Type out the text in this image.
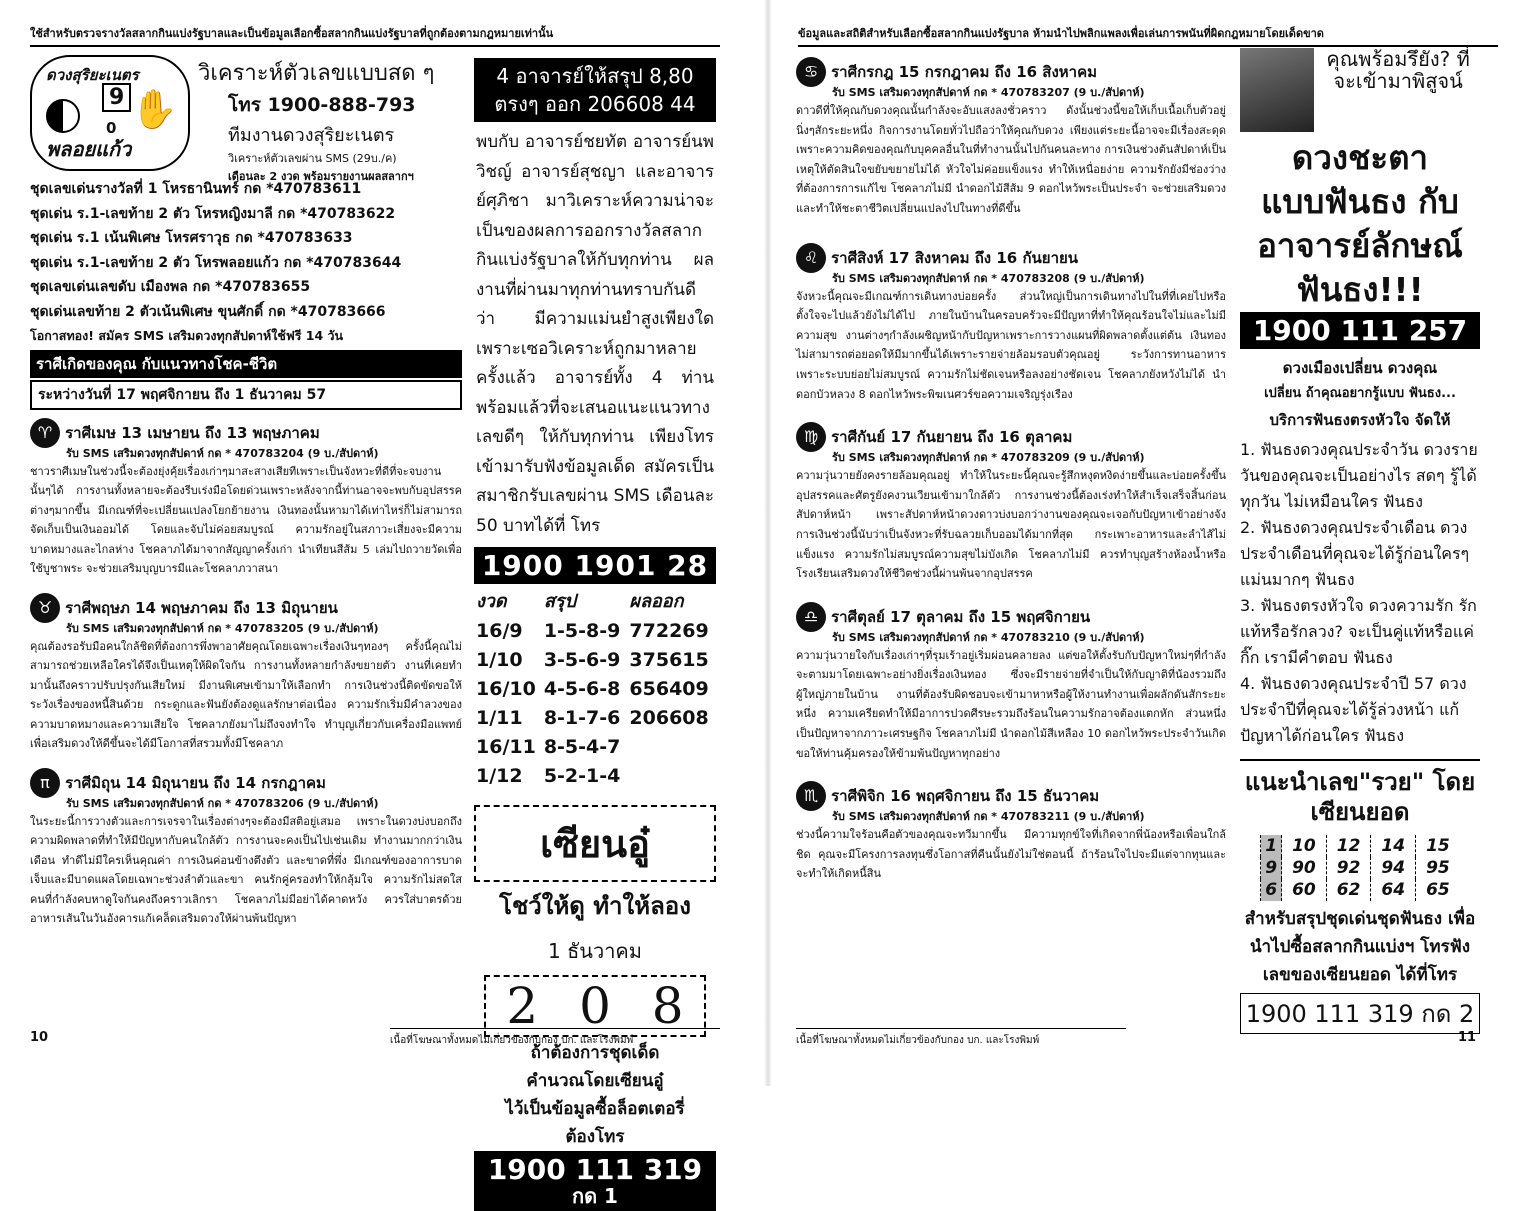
ใช้สำหรับตรวจรางวัลสลากกินแบ่งรัฐบาลและเป็นข้อมูลเลือกซื้อสลากกินแบ่งรัฐบาลที่ถูกต้องตามกฎหมายเท่านั้น
ดวงสุริยะเนตร
9
0 ✋
พลอยแก้ว
วิเคราะห์ตัวเลขแบบสด ๆ
โทร 1900-888-793
ทีมงานดวงสุริยะเนตร
วิเคราะห์ตัวเลขผ่าน SMS (29บ./ค)
เดือนละ 2 งวด พร้อมรายงานผลสลากฯ
ชุดเลขเด่นรางวัลที่ 1 โหรธานินทร์ กด *470783611
ชุดเด่น ร.1-เลขท้าย 2 ตัว โหรหญิงมาลี กด *470783622
ชุดเด่น ร.1 เน้นพิเศษ โหรศราวุธ กด *470783633
ชุดเด่น ร.1-เลขท้าย 2 ตัว โหรพลอยแก้ว กด *470783644
ชุดเลขเด่นเลขดับ เมืองพล กด *470783655
ชุดเด่นเลขท้าย 2 ตัวเน้นพิเศษ ขุนศักดิ์ กด *470783666
โอกาสทอง! สมัคร SMS เสริมดวงทุกสัปดาห์ใช้ฟรี 14 วัน
ราศีเกิดของคุณ กับแนวทางโชค-ชีวิต
ระหว่างวันที่ 17 พฤศจิกายน ถึง 1 ธันวาคม 57
♈ ราศีเมษ 13 เมษายน ถึง 13 พฤษภาคม
รับ SMS เสริมดวงทุกสัปดาห์ กด * 470783204 (9 บ./สัปดาห์)
ชาวราศีเมษในช่วงนี้จะต้องยุ่งคุ้ยเรื่องเก่าๆมาสะสางเสียทีเพราะเป็นจังหวะที่ดีที่จะจบงานนั้นๆได้ การงานทั้งหลายจะต้องรีบเร่งมือโดยด่วนเพราะหลังจากนี้ท่านอาจจะพบกับอุปสรรคต่างๆมากขึ้น มีเกณฑ์ที่จะเปลี่ยนแปลงโยกย้ายงาน เงินทองนั้นหามาได้เท่าไหร่ก็ไม่สามารถจัดเก็บเป็นเงินออมได้ โดยและจับไม่ค่อยสมบูรณ์ ความรักอยู่ในสภาวะเสี่ยงจะมีความบาดหมางและไกลห่าง โชคลาภได้มาจากสัญญาครั้งเก่า นำเทียนสีส้ม 5 เล่มไปถวายวัดเพื่อใช้บูชาพระ จะช่วยเสริมบุญบารมีและโชคลาภวาสนา
♉ ราศีพฤษภ 14 พฤษภาคม ถึง 13 มิถุนายน
รับ SMS เสริมดวงทุกสัปดาห์ กด * 470783205 (9 บ./สัปดาห์)
คุณต้องรอรับมือคนใกล้ชิดที่ต้องการพึ่งพาอาศัยคุณโดยเฉพาะเรื่องเงินๆทองๆ ครั้งนี้คุณไม่สามารถช่วยเหลือใครได้จึงเป็นเหตุให้ผิดใจกัน การงานทั้งหลายกำลังขยายตัว งานที่เคยทำมานั้นถึงคราวปรับปรุงกันเสียใหม่ มีงานพิเศษเข้ามาให้เลือกทำ การเงินช่วงนี้ติดขัดขอให้ระวังเรื่องของหนี้สินด้วย กระดูกและฟันยังต้องดูแลรักษาต่อเนื่อง ความรักเริ่มมีคำลวงของความบาดหมางและความเสียใจ โชคลาภยังมาไม่ถึงจงทำใจ ทำบุญเกี่ยวกับเครื่องมือแพทย์เพื่อเสริมดวงให้ดีขึ้นจะได้มีโอกาสที่สรวมทั้งมีโชคลาภ
π ราศีมิถุน 14 มิถุนายน ถึง 14 กรกฎาคม
รับ SMS เสริมดวงทุกสัปดาห์ กด * 470783206 (9 บ./สัปดาห์)
ในระยะนี้การวางตัวและการเจรจาในเรื่องต่างๆจะต้องมีสติอยู่เสมอ เพราะในดวงบ่งบอกถึงความผิดพลาดที่ทำให้มีปัญหากับคนใกล้ตัว การงานจะคงเป็นไปเช่นเดิม ทำงานมากกว่าเงินเดือน ทำดีไม่มีใครเห็นคุณค่า การเงินค่อนข้างตึงตัว และขาดที่พึ่ง มีเกณฑ์ของอาการบาดเจ็บและมีบาดแผลโดยเฉพาะช่วงลำตัวและขา คนรักคู่ครองทำให้กลุ้มใจ ความรักไม่สดใส คนที่กำลังคบหาดูใจกันคงถึงคราวเลิกรา โชคลาภไม่มีอย่าได้คาดหวัง ควรใส่บาตรด้วยอาหารเส้นในวันอังคารแก้เคล็ดเสริมดวงให้ผ่านพ้นปัญหา
4 อาจารย์ให้สรุป 8,80 ตรงๆ ออก 206608 44
พบกับ อาจารย์ชยทัต อาจารย์นพวิชญ์ อาจารย์สุชญา และอาจารย์ศุภิชา มาวิเคราะห์ความน่าจะเป็นของผลการออกรางวัลสลากกินแบ่งรัฐบาลให้กับทุกท่าน ผลงานที่ผ่านมาทุกท่านทราบกันดีว่า มีความแม่นยำสูงเพียงใด เพราะเซอวิเคราะห์ถูกมาหลายครั้งแล้ว อาจารย์ทั้ง 4 ท่านพร้อมแล้วที่จะเสนอแนะแนวทางเลขดีๆ ให้กับทุกท่าน เพียงโทรเข้ามารับฟังข้อมูลเด็ด สมัครเป็นสมาชิกรับเลขผ่าน SMS เดือนละ 50 บาทได้ที่ โทร
1900 1901 28
งวด	สรุป	ผลออก
16/9	1-5-8-9	772269
1/10	3-5-6-9	375615
16/10	4-5-6-8	656409
1/11	8-1-7-6	206608
16/11	8-5-4-7	
1/12	5-2-1-4	
เซียนอู๋
โชว์ให้ดู ทำให้ลอง
1 ธันวาคม
2 0 8
ถ้าต้องการชุดเด็ด
คำนวณโดยเซียนอู๋
ไว้เป็นข้อมูลซื้อล็อตเตอรี่
ต้องโทร
1900 111 319
กด 1
เนื้อที่โฆษณาทั้งหมดไม่เกี่ยวข้องกับกอง บก. และโรงพิมพ์
10
ข้อมูลและสถิติสำหรับเลือกซื้อสลากกินแบ่งรัฐบาล ห้ามนำไปพลิกแพลงเพื่อเล่นการพนันที่ผิดกฎหมายโดยเด็ดขาด
♋ ราศีกรกฎ 15 กรกฎาคม ถึง 16 สิงหาคม
รับ SMS เสริมดวงทุกสัปดาห์ กด * 470783207 (9 บ./สัปดาห์)
ดาวดีที่ให้คุณกับดวงคุณนั้นกำลังจะอับแสงลงชั่วคราว ดังนั้นช่วงนี้ขอให้เก็บเนื้อเก็บตัวอยู่นิ่งๆสักระยะหนึ่ง กิจการงานโดยทั่วไปถือว่าให้คุณกับดวง เพียงแต่ระยะนี้อาจจะมีเรื่องสะดุดเพราะความคิดของคุณกับบุคคลอื่นในที่ทำงานนั้นไปกันคนละทาง การเงินช่วงต้นสัปดาห์เป็นเหตุให้ตัดสินใจขยับขยายไม่ได้ หัวใจไม่ค่อยแข็งแรง ทำให้เหนื่อยง่าย ความรักยังมีช่องว่างที่ต้องการการแก้ไข โชคลาภไม่มี นำดอกไม้สีส้ม 9 ดอกไหว้พระเป็นประจำ จะช่วยเสริมดวงและทำให้ชะตาชีวิตเปลี่ยนแปลงไปในทางที่ดีขึ้น
♌ ราศีสิงห์ 17 สิงหาคม ถึง 16 กันยายน
รับ SMS เสริมดวงทุกสัปดาห์ กด * 470783208 (9 บ./สัปดาห์)
จังหวะนี้คุณจะมีเกณฑ์การเดินทางบ่อยครั้ง ส่วนใหญ่เป็นการเดินทางไปในที่ที่เคยไปหรือตั้งใจจะไปแล้วยังไม่ได้ไป ภายในบ้านในครอบครัวจะมีปัญหาที่ทำให้คุณร้อนใจไม่และไม่มีความสุข งานต่างๆกำลังเผชิญหน้ากับปัญหาเพราะการวางแผนที่ผิดพลาดตั้งแต่ต้น เงินทองไม่สามารถต่อยอดให้มีมากขึ้นได้เพราะรายจ่ายล้อมรอบตัวคุณอยู่ ระวังการทานอาหารเพราะระบบย่อยไม่สมบูรณ์ ความรักไม่ชัดเจนหรือลงอย่างชัดเจน โชคลาภยังหวังไม่ได้ นำดอกบัวหลวง 8 ดอกไหว้พระพิฆเนศวร์ขอความเจริญรุ่งเรือง
♍ ราศีกันย์ 17 กันยายน ถึง 16 ตุลาคม
รับ SMS เสริมดวงทุกสัปดาห์ กด * 470783209 (9 บ./สัปดาห์)
ความวุ่นวายยังคงรายล้อมคุณอยู่ ทำให้ในระยะนี้คุณจะรู้สึกหงุดหงิดง่ายขึ้นและบ่อยครั้งขึ้น อุปสรรคและศัตรูยังคงวนเวียนเข้ามาใกล้ตัว การงานช่วงนี้ต้องเร่งทำให้สำเร็จเสร็จสิ้นก่อนสัปดาห์หน้า เพราะสัปดาห์หน้าดวงดาวบ่งบอกว่างานของคุณจะเจอกับปัญหาเข้าอย่างจัง การเงินช่วงนี้นับว่าเป็นจังหวะที่รับฉลวยเก็บออมได้มากที่สุด กระเพาะอาหารและลำไส้ไม่แข็งแรง ความรักไม่สมบูรณ์ความสุขไม่บังเกิด โชคลาภไม่มี ควรทำบุญสร้างห้องน้ำหรือโรงเรียนเสริมดวงให้ชีวิตช่วงนี้ผ่านพ้นจากอุปสรรค
♎ ราศีตุลย์ 17 ตุลาคม ถึง 15 พฤศจิกายน
รับ SMS เสริมดวงทุกสัปดาห์ กด * 470783210 (9 บ./สัปดาห์)
ความวุ่นวายใจกับเรื่องเก่าๆที่รุมเร้าอยู่เริ่มผ่อนคลายลง แต่ขอให้ตั้งรับกับปัญหาใหม่ๆที่กำลังจะตามมาโดยเฉพาะอย่างยิ่งเรื่องเงินทอง ซึ่งจะมีรายจ่ายที่จำเป็นให้กับญาติที่น้องรวมถึงผู้ใหญ่ภายในบ้าน งานที่ต้องรับผิดชอบจะเข้ามาหาหรือผู้ให้งานทำงานเพื่อผลักดันสักระยะหนึ่ง ความเครียดทำให้มีอาการปวดศีรษะรวมถึงร้อนในความรักอาจต้องแตกหัก ส่วนหนึ่งเป็นปัญหาจากภาวะเศรษฐกิจ โชคลาภไม่มี นำดอกไม้สีเหลือง 10 ดอกไหว้พระประจำวันเกิด ขอให้ท่านคุ้มครองให้ข้ามพ้นปัญหาทุกอย่าง
♏ ราศีพิจิก 16 พฤศจิกายน ถึง 15 ธันวาคม
รับ SMS เสริมดวงทุกสัปดาห์ กด * 470783211 (9 บ./สัปดาห์)
ช่วงนี้ความใจร้อนคือตัวของคุณจะทวีมากขึ้น มีความทุกข์ใจที่เกิดจากพี่น้องหรือเพื่อนใกล้ชิด คุณจะมีโครงการลงทุนซึ่งโอกาสที่คืนนั้นยังไม่ใช่ตอนนี้ ถ้าร้อนใจไปจะมีแต่จากทุนและจะทำให้เกิดหนี้สิน
คุณพร้อมรึยัง? ที่จะเข้ามาพิสูจน์
ดวงชะตา
แบบฟันธง กับ
อาจารย์ลักษณ์
ฟันธง!!!
1900 111 257
ดวงเมืองเปลี่ยน ดวงคุณ
เปลี่ยน ถ้าคุณอยากรู้แบบ ฟันธง...
บริการฟันธงตรงหัวใจ จัดให้
1. ฟันธงดวงคุณประจำวัน ดวงรายวันของคุณจะเป็นอย่างไร สดๆ รู้ได้ทุกวัน ไม่เหมือนใคร ฟันธง
2. ฟันธงดวงคุณประจำเดือน ดวงประจำเดือนที่คุณจะได้รู้ก่อนใครๆ แม่นมากๆ ฟันธง
3. ฟันธงตรงหัวใจ ดวงความรัก รักแท้หรือรักลวง? จะเป็นคู่แท้หรือแค่กิ๊ก เรามีคำตอบ ฟันธง
4. ฟันธงดวงคุณประจำปี 57 ดวงประจำปีที่คุณจะได้รู้ล่วงหน้า แก้ปัญหาได้ก่อนใคร ฟันธง
แนะนำเลข"รวย" โดยเซียนยอด
1	10	12	14	15
9	90	92	94	95
6	60	62	64	65
สำหรับสรุปชุดเด่นชุดฟันธง เพื่อนำไปซื้อสลากกินแบ่งฯ โทรฟังเลขของเซียนยอด ได้ที่โทร
1900 111 319 กด 2
เนื้อที่โฆษณาทั้งหมดไม่เกี่ยวข้องกับกอง บก. และโรงพิมพ์	11
